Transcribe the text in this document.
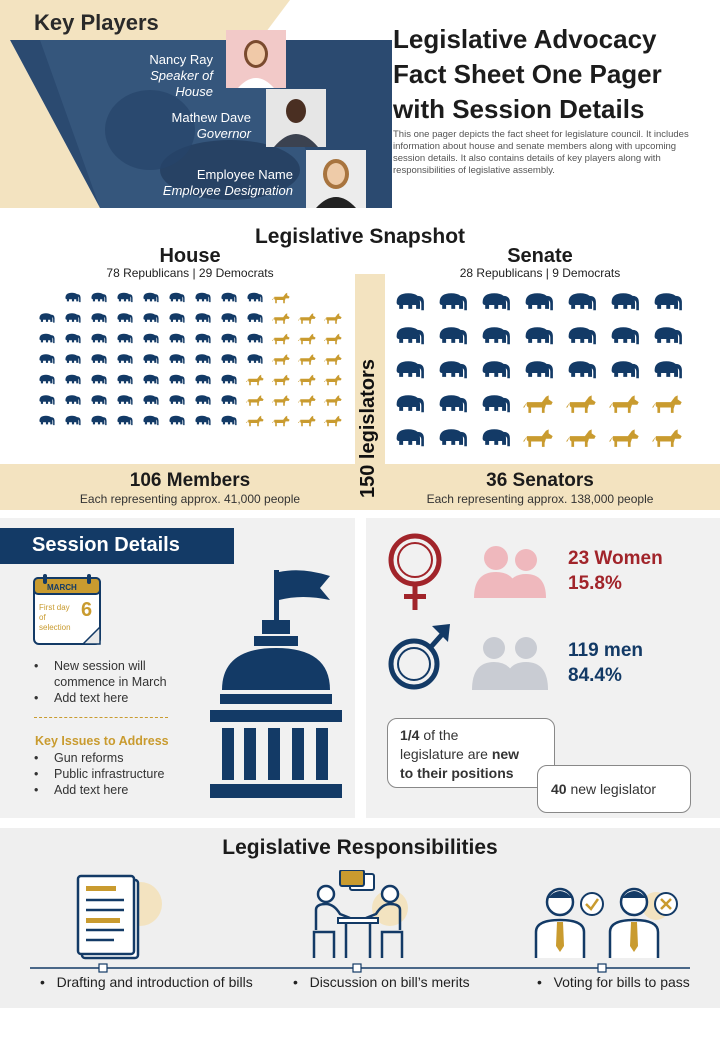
Key Players
Nancy Ray
Speaker of House
Mathew Dave
Governor
Employee Name
Employee Designation
Legislative Advocacy
Fact Sheet One Pager
with Session Details
This one pager depicts the fact sheet for legislature council. It includes information about house and senate members along with upcoming session details. It also contains details of key players along with responsibilities of legislative assembly.
Legislative Snapshot
House
78 Republicans | 29 Democrats
Senate
28 Republicans | 9 Democrats
150 legislators
106 Members
Each representing approx. 41,000 people
36 Senators
Each representing approx. 138,000 people
Session Details
MARCH
First day
of
selection
6
• New session will commence in March
• Add text here
Key Issues to Address
• Gun reforms
• Public infrastructure
• Add text here
23 Women
15.8%
119 men
84.4%
1/4 of the
legislature are new
to their positions
40 new legislator
Legislative Responsibilities
•   Drafting and introduction of bills	•   Discussion on bill’s merits	•   Voting for bills to pass
